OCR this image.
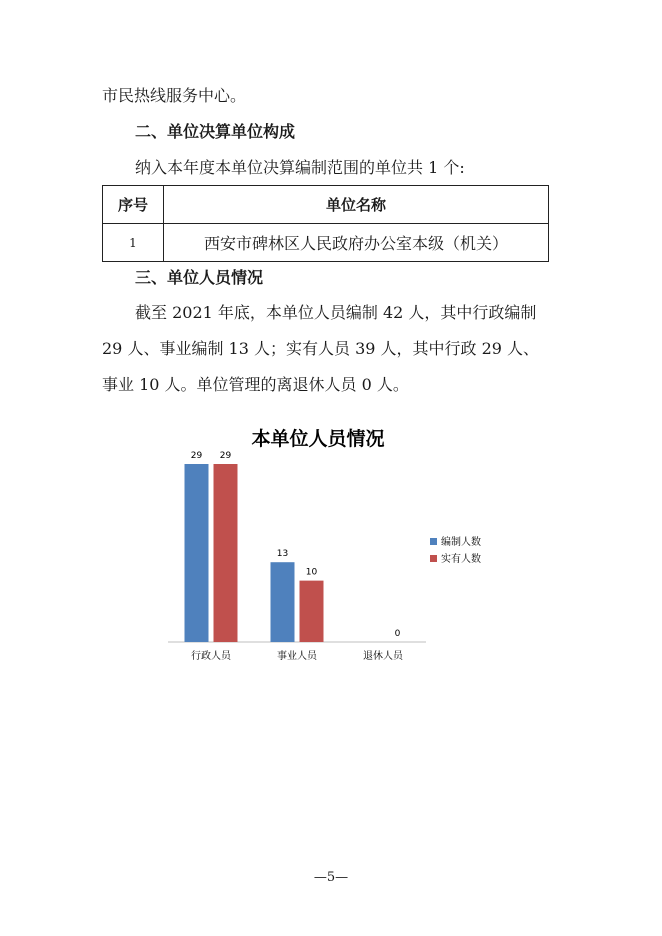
市民热线服务中心。
二、单位决算单位构成
纳入本年度本单位决算编制范围的单位共 1 个:
序号	单位名称
1	西安市碑林区人民政府办公室本级（机关）
三、单位人员情况
截至 2021 年底，本单位人员编制 42 人，其中行政编制
29 人、事业编制 13 人；实有人员 39 人，其中行政 29 人、
事业 10 人。单位管理的离退休人员 0 人。
本单位人员情况
29 29
行政人员
13
10
事业人员
0
退休人员
编制人数
实有人数
—5—
